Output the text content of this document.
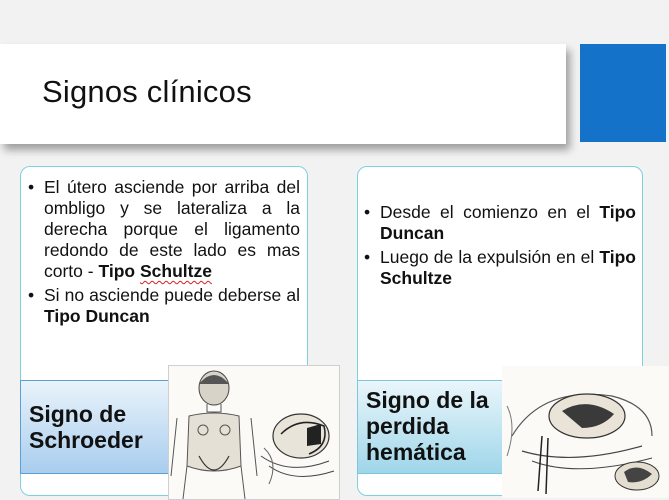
Signos clínicos
• El útero asciende por arriba del ombligo y se lateraliza a la derecha porque el ligamento redondo de este lado es mas corto - Tipo Schultze
• Si no asciende puede deberse al Tipo Duncan
Signo de Schroeder
• Desde el comienzo en el Tipo Duncan
• Luego de la expulsión en el Tipo Schultze
Signo de la perdida hemática
